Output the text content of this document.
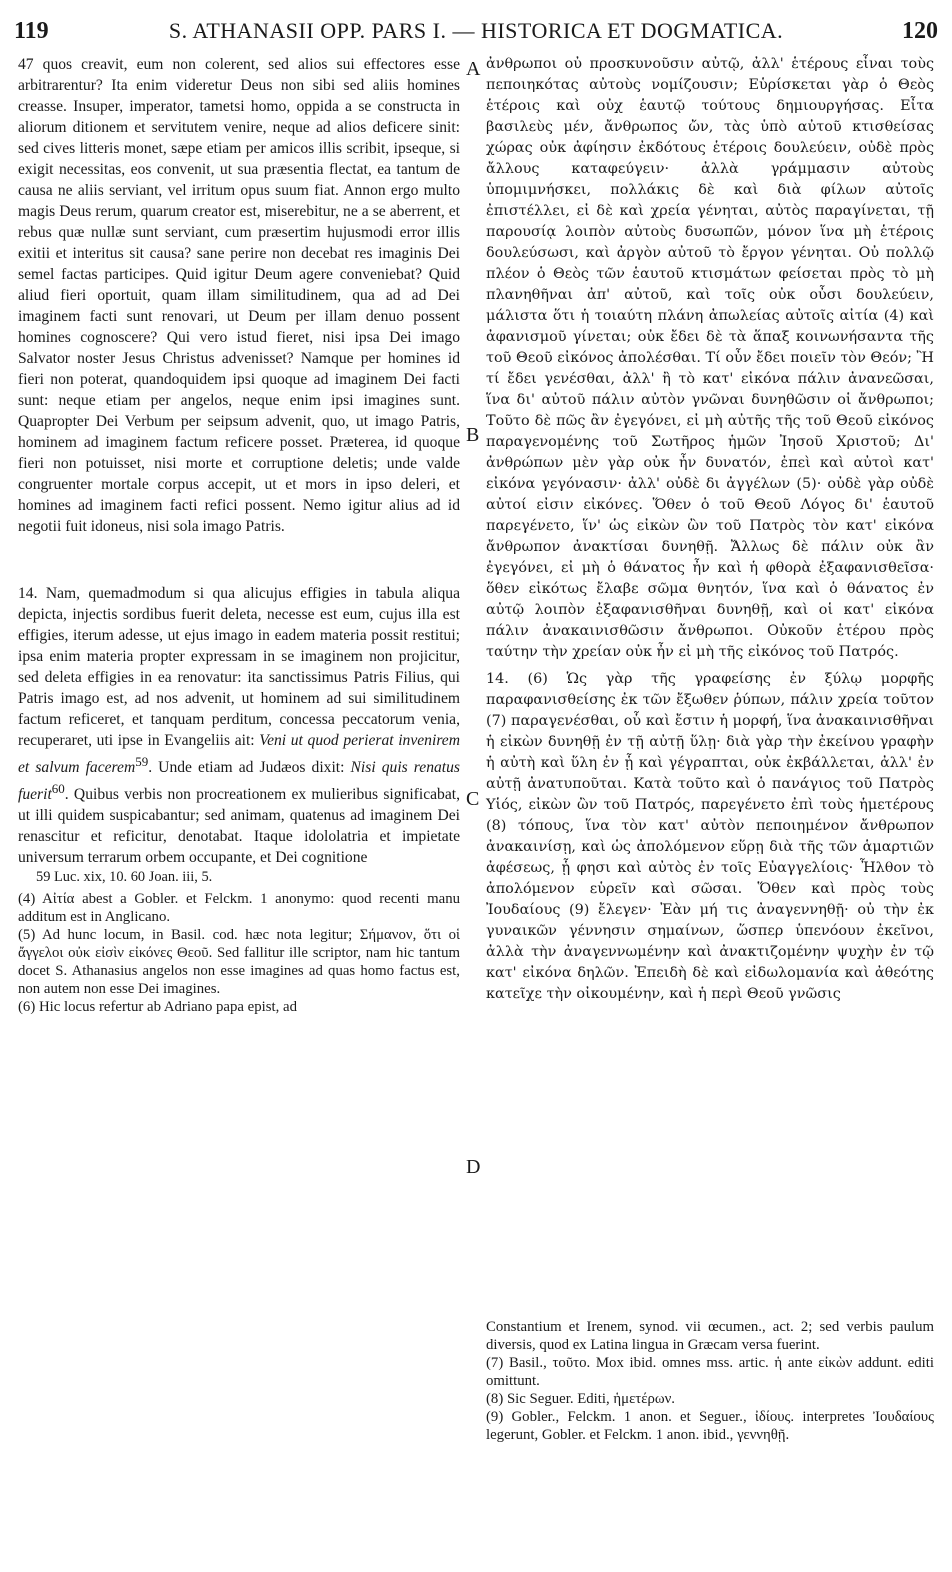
119	S. ATHANASII OPP. PARS I. — HISTORICA ET DOGMATICA.	120

47 quos creavit, eum non colerent, sed alios sui effectores esse arbitrarentur? Ita enim videretur Deus non sibi sed aliis homines creasse. Insuper, imperator, tametsi homo, oppida a se constructa in aliorum ditionem et servitutem venire, neque ad alios deficere sinit: sed cives litteris monet, sæpe etiam per amicos illis scribit, ipseque, si exigit necessitas, eos convenit, ut sua præsentia flectat, ea tantum de causa ne aliis serviant, vel irritum opus suum fiat. Annon ergo multo magis Deus rerum, quarum creator est, miserebitur, ne a se aberrent, et rebus quæ nullæ sunt serviant, cum præsertim hujusmodi error illis exitii et interitus sit causa? sane perire non decebat res imaginis Dei semel factas participes. Quid igitur Deum agere conveniebat? Quid aliud fieri oportuit, quam illam similitudinem, qua ad ad Dei imaginem facti sunt renovari, ut Deum per illam denuo possent homines cognoscere? Qui vero istud fieret, nisi ipsa Dei imago Salvator noster Jesus Christus advenisset? Namque per homines id fieri non poterat, quandoquidem ipsi quoque ad imaginem Dei facti sunt: neque etiam per angelos, neque enim ipsi imagines sunt. Quapropter Dei Verbum per seipsum advenit, quo, ut imago Patris, hominem ad imaginem factum reficere posset. Præterea, id quoque fieri non potuisset, nisi morte et corruptione deletis; unde valde congruenter mortale corpus accepit, ut et mors in ipso deleri, et homines ad imaginem facti refici possent. Nemo igitur alius ad id negotii fuit idoneus, nisi sola imago Patris.

14. Nam, quemadmodum si qua alicujus effigies in tabula aliqua depicta, injectis sordibus fuerit deleta, necesse est eum, cujus illa est effigies, iterum adesse, ut ejus imago in eadem materia possit restitui; ipsa enim materia propter expressam in se imaginem non projicitur, sed deleta effigies in ea renovatur: ita sanctissimus Patris Filius, qui Patris imago est, ad nos advenit, ut hominem ad sui similitudinem factum reficeret, et tanquam perditum, concessa peccatorum venia, recuperaret, uti ipse in Evangeliis ait: Veni ut quod perierat invenirem et salvum facerem$^{59}$. Unde etiam ad Judæos dixit: Nisi quis renatus fuerit$^{60}$. Quibus verbis non procreationem ex mulieribus significabat, ut illi quidem suspicabantur; sed animam, quatenus ad imaginem Dei renascitur et reficitur, denotabat. Itaque idololatria et impietate universum terrarum orbem occupante, et Dei cognitione

59 Luc. xix, 10. 60 Joan. iii, 5.

(4) Αἰτία abest a Gobler. et Felckm. 1 anonymo: quod recenti manu additum est in Anglicano.

(5) Ad hunc locum, in Basil. cod. hæc nota legitur; Σήμανον, ὅτι οἱ ἄγγελοι οὐκ εἰσὶν εἰκόνες Θεοῦ. Sed fallitur ille scriptor, nam hic tantum docet S. Athanasius angelos non esse imagines ad quas homo factus est, non autem non esse Dei imagines.

(6) Hic locus refertur ab Adriano papa epist, ad

A
B
C
D

ἀνθρωποι οὐ προσκυνοῦσιν αὐτῷ, ἀλλ' ἑτέρους εἶναι τοὺς πεποιηκότας αὐτοὺς νομίζουσιν; Εὑρίσκεται γὰρ ὁ Θεὸς ἑτέροις καὶ οὐχ ἑαυτῷ τούτους δημιουργήσας. Εἶτα βασιλεὺς μέν, ἄνθρωπος ὤν, τὰς ὑπὸ αὐτοῦ κτισθείσας χώρας οὐκ ἀφίησιν ἐκδότους ἑτέροις δουλεύειν, οὐδὲ πρὸς ἄλλους καταφεύγειν· ἀλλὰ γράμμασιν αὐτοὺς ὑπομιμνήσκει, πολλάκις δὲ καὶ διὰ φίλων αὐτοῖς ἐπιστέλλει, εἰ δὲ καὶ χρεία γένηται, αὐτὸς παραγίνεται, τῇ παρουσίᾳ λοιπὸν αὐτοὺς δυσωπῶν, μόνον ἵνα μὴ ἑτέροις δουλεύσωσι, καὶ ἀργὸν αὐτοῦ τὸ ἔργον γένηται. Οὐ πολλῷ πλέον ὁ Θεὸς τῶν ἑαυτοῦ κτισμάτων φείσεται πρὸς τὸ μὴ πλανηθῆναι ἀπ' αὐτοῦ, καὶ τοῖς οὐκ οὖσι δουλεύειν, μάλιστα ὅτι ἡ τοιαύτη πλάνη ἀπωλείας αὐτοῖς αἰτία (4) καὶ ἀφανισμοῦ γίνεται; οὐκ ἔδει δὲ τὰ ἅπαξ κοινωνήσαντα τῆς τοῦ Θεοῦ εἰκόνος ἀπολέσθαι. Τί οὖν ἔδει ποιεῖν τὸν Θεόν; Ἢ τί ἔδει γενέσθαι, ἀλλ' ἢ τὸ κατ' εἰκόνα πάλιν ἀνανεῶσαι, ἵνα δι' αὐτοῦ πάλιν αὐτὸν γνῶναι δυνηθῶσιν οἱ ἄνθρωποι; Τοῦτο δὲ πῶς ἂν ἐγεγόνει, εἰ μὴ αὐτῆς τῆς τοῦ Θεοῦ εἰκόνος παραγενομένης τοῦ Σωτῆρος ἡμῶν Ἰησοῦ Χριστοῦ; Δι' ἀνθρώπων μὲν γὰρ οὐκ ἦν δυνατόν, ἐπεὶ καὶ αὐτοὶ κατ' εἰκόνα γεγόνασιν· ἀλλ' οὐδὲ δι ἀγγέλων (5)· οὐδὲ γὰρ οὐδὲ αὐτοί εἰσιν εἰκόνες. Ὅθεν ὁ τοῦ Θεοῦ Λόγος δι' ἑαυτοῦ παρεγένετο, ἵν' ὡς εἰκὼν ὢν τοῦ Πατρὸς τὸν κατ' εἰκόνα ἄνθρωπον ἀνακτίσαι δυνηθῇ. Ἄλλως δὲ πάλιν οὐκ ἂν ἐγεγόνει, εἰ μὴ ὁ θάνατος ἦν καὶ ἡ φθορὰ ἐξαφανισθεῖσα· ὅθεν εἰκότως ἔλαβε σῶμα θνητόν, ἵνα καὶ ὁ θάνατος ἐν αὐτῷ λοιπὸν ἐξαφανισθῆναι δυνηθῇ, καὶ οἱ κατ' εἰκόνα πάλιν ἀνακαινισθῶσιν ἄνθρωποι. Οὐκοῦν ἑτέρου πρὸς ταύτην τὴν χρείαν οὐκ ἦν εἰ μὴ τῆς εἰκόνος τοῦ Πατρός.

14. (6) Ὡς γὰρ τῆς γραφείσης ἐν ξύλῳ μορφῆς παραφανισθείσης ἐκ τῶν ἔξωθεν ῥύπων, πάλιν χρεία τοῦτον (7) παραγενέσθαι, οὗ καὶ ἔστιν ἡ μορφή, ἵνα ἀνακαινισθῆναι ἡ εἰκὼν δυνηθῇ ἐν τῇ αὐτῇ ὕλῃ· διὰ γὰρ τὴν ἐκείνου γραφὴν ἡ αὐτὴ καὶ ὕλη ἐν ᾗ καὶ γέγραπται, οὐκ ἐκβάλλεται, ἀλλ' ἐν αὐτῇ ἀνατυποῦται. Κατὰ τοῦτο καὶ ὁ πανάγιος τοῦ Πατρὸς Υἱός, εἰκὼν ὢν τοῦ Πατρός, παρεγένετο ἐπὶ τοὺς ἡμετέρους (8) τόπους, ἵνα τὸν κατ' αὐτὸν πεποιημένον ἄνθρωπον ἀνακαινίσῃ, καὶ ὡς ἀπολόμενον εὕρῃ διὰ τῆς τῶν ἁμαρτιῶν ἀφέσεως, ᾗ φησι καὶ αὐτὸς ἐν τοῖς Εὐαγγελίοις· Ἦλθον τὸ ἀπολόμενον εὑρεῖν καὶ σῶσαι. Ὅθεν καὶ πρὸς τοὺς Ἰουδαίους (9) ἔλεγεν· Ἐὰν μή τις ἀναγεννηθῇ· οὐ τὴν ἐκ γυναικῶν γέννησιν σημαίνων, ὥσπερ ὑπενόουν ἐκεῖνοι, ἀλλὰ τὴν ἀναγεννωμένην καὶ ἀνακτιζομένην ψυχὴν ἐν τῷ κατ' εἰκόνα δηλῶν. Ἐπειδὴ δὲ καὶ εἰδωλομανία καὶ ἀθεότης κατεῖχε τὴν οἰκουμένην, καὶ ἡ περὶ Θεοῦ γνῶσις

Constantium et Irenem, synod. vii œcumen., act. 2; sed verbis paulum diversis, quod ex Latina lingua in Græcam versa fuerint.

(7) Basil., τοῦτο. Mox ibid. omnes mss. artic. ἡ ante εἰκὼν addunt. editi omittunt.

(8) Sic Seguer. Editi, ἡμετέρων.

(9) Gobler., Felckm. 1 anon. et Seguer., ἰδίους. interpretes Ἰουδαίους legerunt, Gobler. et Felckm. 1 anon. ibid., γεννηθῇ.
